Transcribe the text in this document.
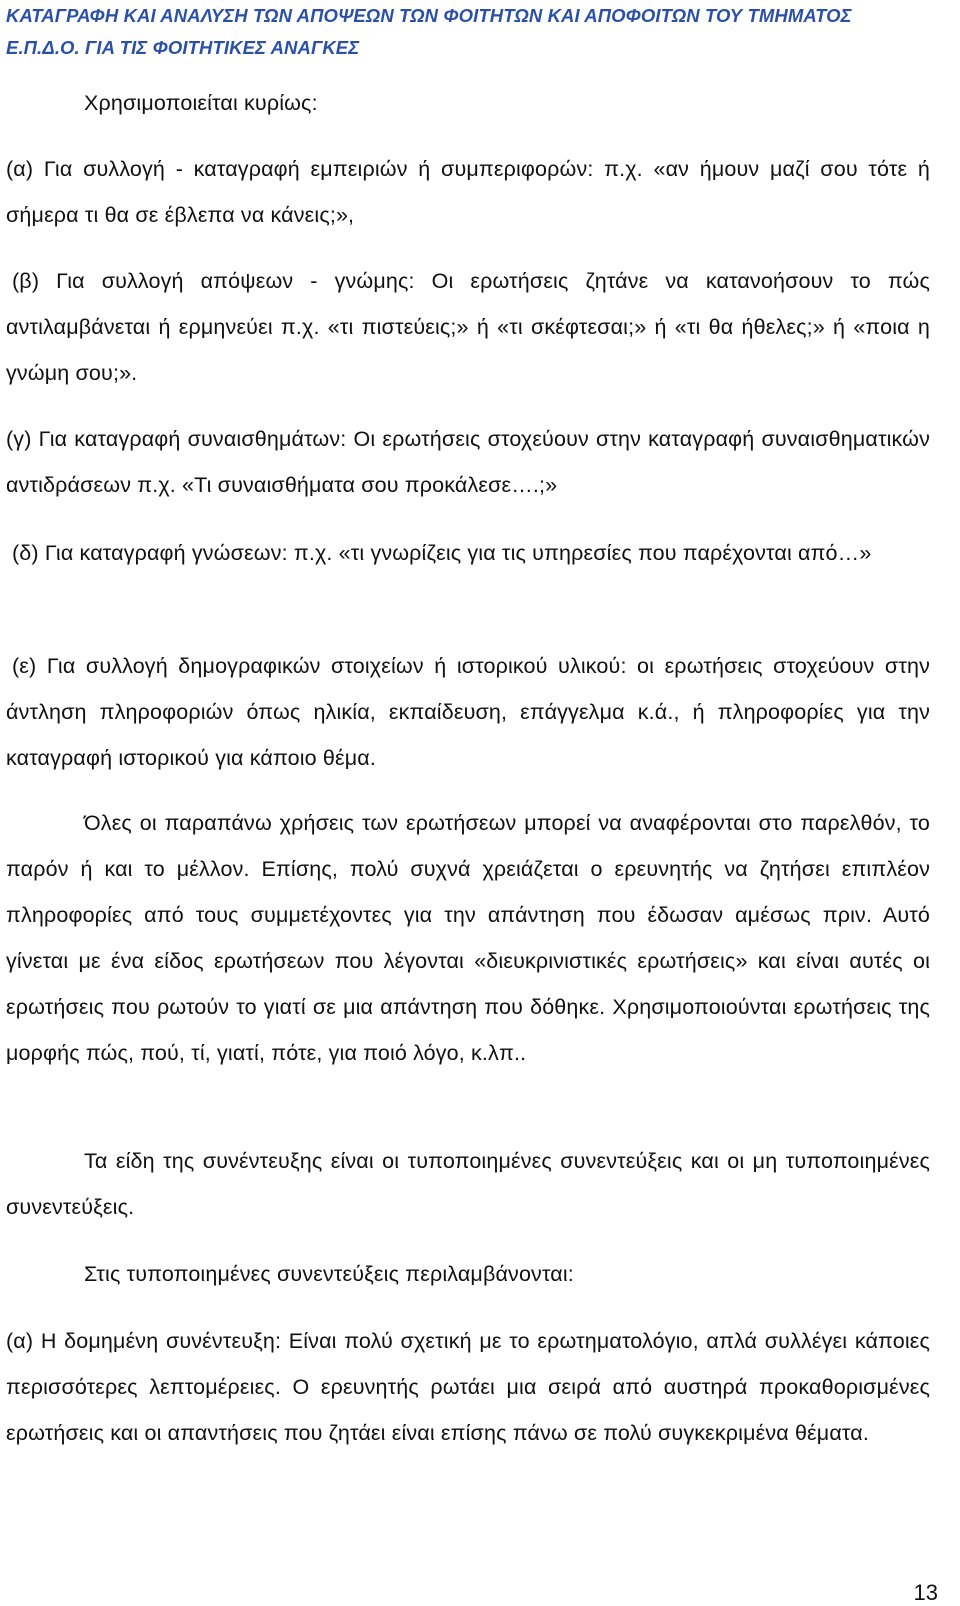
ΚΑΤΑΓΡΑΦΗ ΚΑΙ ΑΝΑΛΥΣΗ ΤΩΝ ΑΠΟΨΕΩΝ ΤΩΝ ΦΟΙΤΗΤΩΝ ΚΑΙ ΑΠΟΦΟΙΤΩΝ ΤΟΥ ΤΜΗΜΑΤΟΣ
Ε.Π.Δ.Ο. ΓΙΑ ΤΙΣ ΦΟΙΤΗΤΙΚΕΣ ΑΝΑΓΚΕΣ

Χρησιμοποιείται κυρίως:

(α) Για συλλογή - καταγραφή εμπειριών ή συμπεριφορών: π.χ. «αν ήμουν μαζί σου τότε ή σήμερα τι θα σε έβλεπα να κάνεις;»,

(β) Για συλλογή απόψεων - γνώμης: Οι ερωτήσεις ζητάνε να κατανοήσουν το πώς αντιλαμβάνεται ή ερμηνεύει π.χ. «τι πιστεύεις;» ή «τι σκέφτεσαι;» ή «τι θα ήθελες;» ή «ποια η γνώμη σου;».

(γ) Για καταγραφή συναισθημάτων: Οι ερωτήσεις στοχεύουν στην καταγραφή συναισθηματικών αντιδράσεων π.χ. «Τι συναισθήματα σου προκάλεσε….;»

(δ) Για καταγραφή γνώσεων: π.χ. «τι γνωρίζεις για τις υπηρεσίες που παρέχονται από…»

(ε) Για συλλογή δημογραφικών στοιχείων ή ιστορικού υλικού: οι ερωτήσεις στοχεύουν στην άντληση πληροφοριών όπως ηλικία, εκπαίδευση, επάγγελμα κ.ά., ή πληροφορίες για την καταγραφή ιστορικού για κάποιο θέμα.

Όλες οι παραπάνω χρήσεις των ερωτήσεων μπορεί να αναφέρονται στο παρελθόν, το παρόν ή και το μέλλον. Επίσης, πολύ συχνά χρειάζεται ο ερευνητής να ζητήσει επιπλέον πληροφορίες από τους συμμετέχοντες για την απάντηση που έδωσαν αμέσως πριν. Αυτό γίνεται με ένα είδος ερωτήσεων που λέγονται «διευκρινιστικές ερωτήσεις» και είναι αυτές οι ερωτήσεις που ρωτούν το γιατί σε μια απάντηση που δόθηκε. Χρησιμοποιούνται ερωτήσεις της μορφής πώς, πού, τί, γιατί, πότε, για ποιό λόγο, κ.λπ..

Τα είδη της συνέντευξης είναι οι τυποποιημένες συνεντεύξεις και οι μη τυποποιημένες συνεντεύξεις.

Στις τυποποιημένες συνεντεύξεις περιλαμβάνονται:

(α) Η δομημένη συνέντευξη: Είναι πολύ σχετική με το ερωτηματολόγιο, απλά συλλέγει κάποιες περισσότερες λεπτομέρειες. Ο ερευνητής ρωτάει μια σειρά από αυστηρά προκαθορισμένες ερωτήσεις και οι απαντήσεις που ζητάει είναι επίσης πάνω σε πολύ συγκεκριμένα θέματα.

13
